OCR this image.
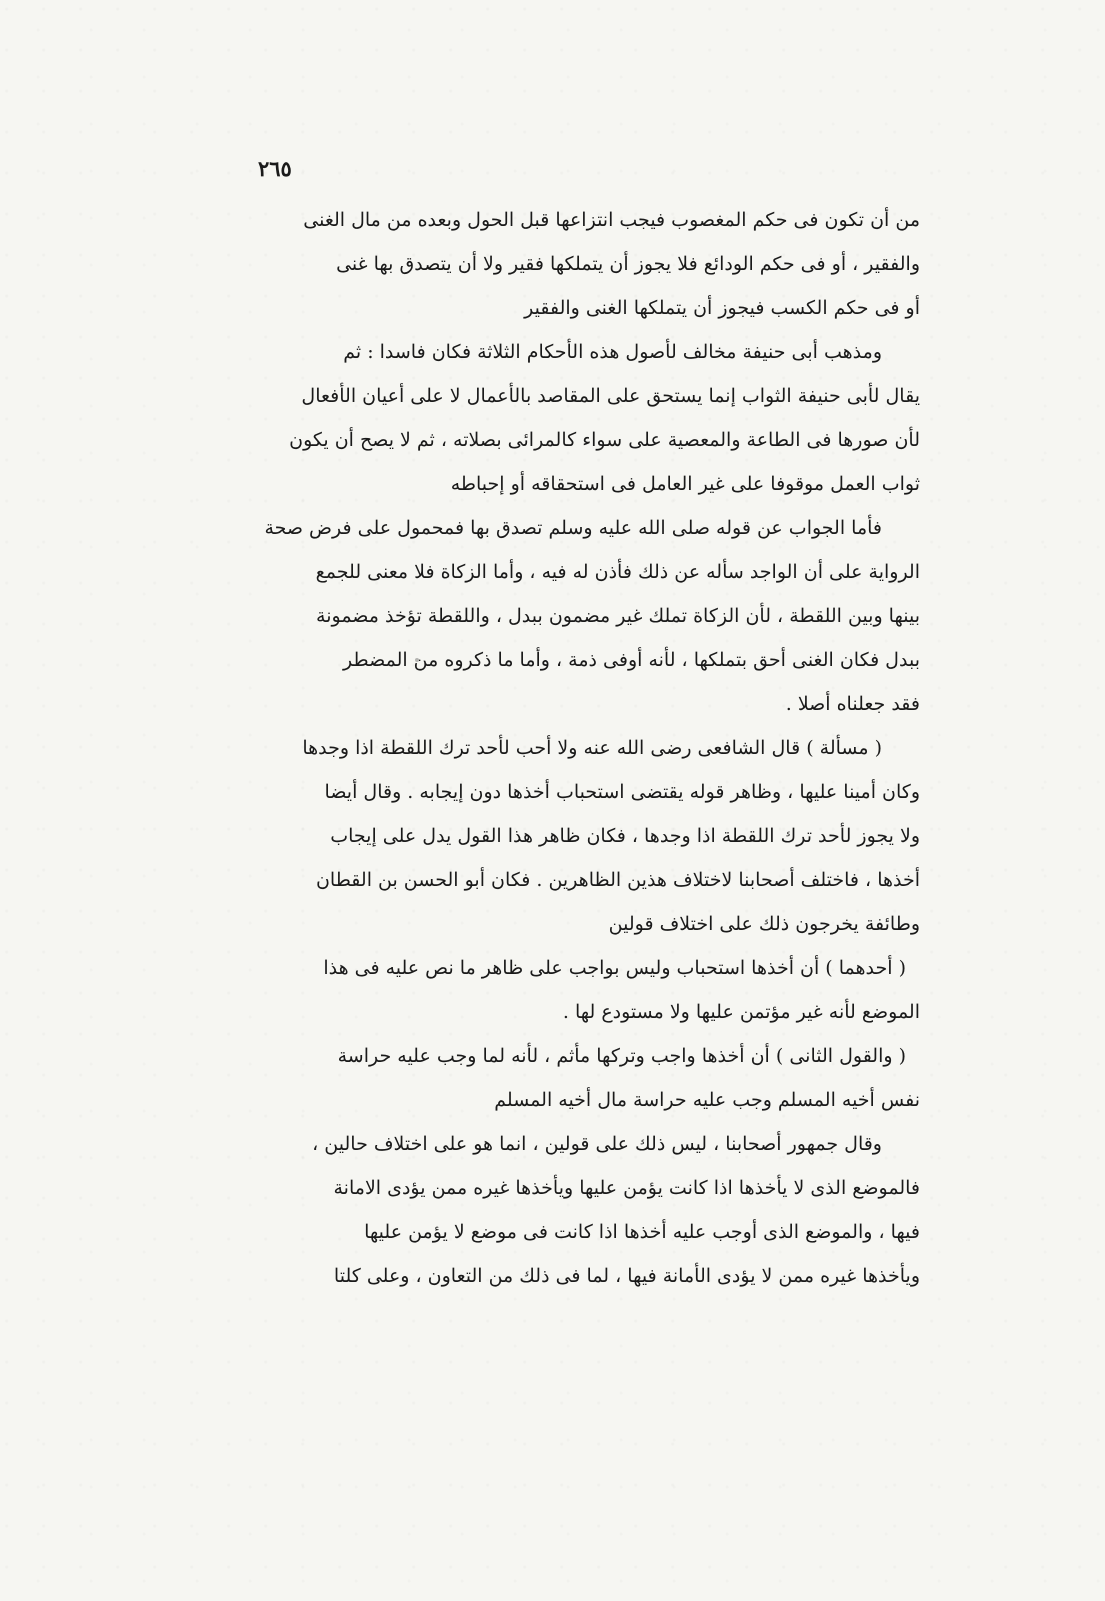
٢٦٥
من أن تكون فى حكم المغصوب فيجب انتزاعها قبل الحول وبعده من مال الغنى
والفقير ، أو فى حكم الودائع فلا يجوز أن يتملكها فقير ولا أن يتصدق بها غنى
أو فى حكم الكسب فيجوز أن يتملكها الغنى والفقير
ومذهب أبى حنيفة مخالف لأصول هذه الأحكام الثلاثة فكان فاسدا : ثم
يقال لأبى حنيفة الثواب إنما يستحق على المقاصد بالأعمال لا على أعيان الأفعال
لأن صورها فى الطاعة والمعصية على سواء كالمرائى بصلاته ، ثم لا يصح أن يكون
ثواب العمل موقوفا على غير العامل فى استحقاقه أو إحباطه
فأما الجواب عن قوله صلى الله عليه وسلم تصدق بها فمحمول على فرض صحة
الرواية على أن الواجد سأله عن ذلك فأذن له فيه ، وأما الزكاة فلا معنى للجمع
بينها وبين اللقطة ، لأن الزكاة تملك غير مضمون ببدل ، واللقطة تؤخذ مضمونة
ببدل فكان الغنى أحق بتملكها ، لأنه أوفى ذمة ، وأما ما ذكروه من المضطر
فقد جعلناه أصلا .
( مسألة ) قال الشافعى رضى الله عنه ولا أحب لأحد ترك اللقطة اذا وجدها
وكان أمينا عليها ، وظاهر قوله يقتضى استحباب أخذها دون إيجابه . وقال أيضا
ولا يجوز لأحد ترك اللقطة اذا وجدها ، فكان ظاهر هذا القول يدل على إيجاب
أخذها ، فاختلف أصحابنا لاختلاف هذين الظاهرين . فكان أبو الحسن بن القطان
وطائفة يخرجون ذلك على اختلاف قولين
( أحدهما ) أن أخذها استحباب وليس بواجب على ظاهر ما نص عليه فى هذا
الموضع لأنه غير مؤتمن عليها ولا مستودع لها .
( والقول الثانى ) أن أخذها واجب وتركها مأثم ، لأنه لما وجب عليه حراسة
نفس أخيه المسلم وجب عليه حراسة مال أخيه المسلم
وقال جمهور أصحابنا ، ليس ذلك على قولين ، انما هو على اختلاف حالين ،
فالموضع الذى لا يأخذها اذا كانت يؤمن عليها ويأخذها غيره ممن يؤدى الامانة
فيها ، والموضع الذى أوجب عليه أخذها اذا كانت فى موضع لا يؤمن عليها
ويأخذها غيره ممن لا يؤدى الأمانة فيها ، لما فى ذلك من التعاون ، وعلى كلتا
